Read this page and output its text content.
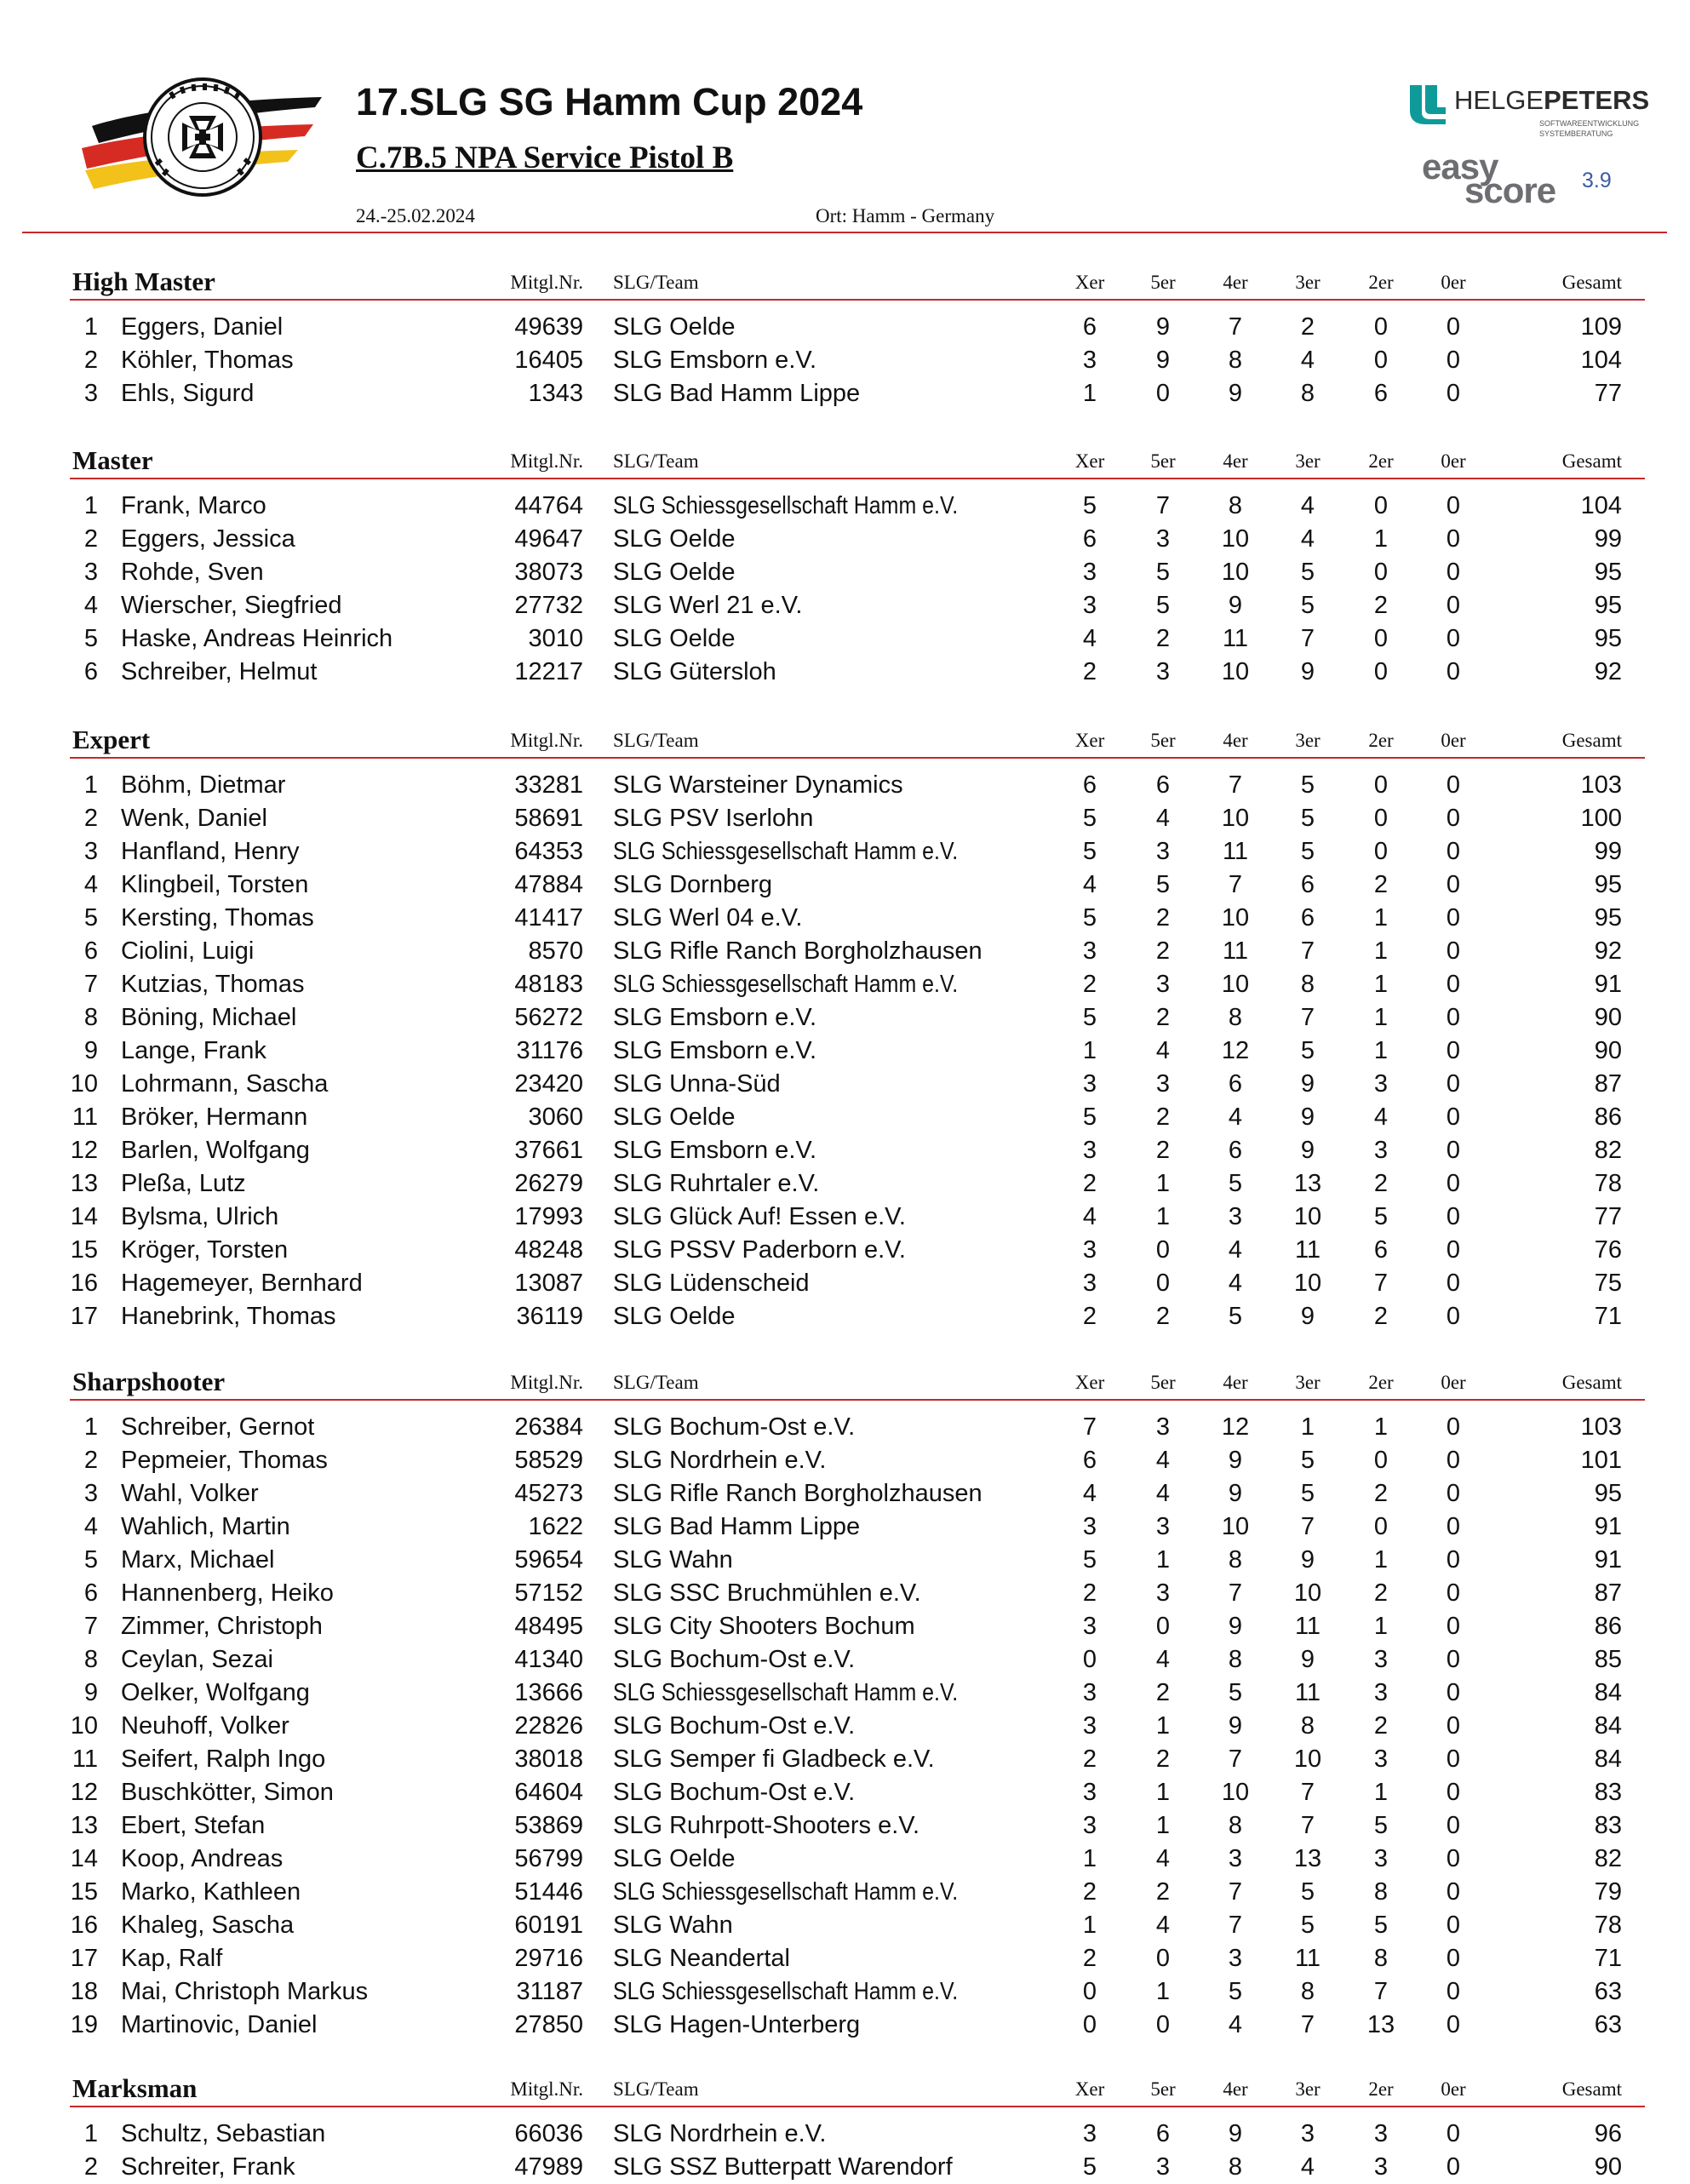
17.SLG SG Hamm Cup 2024
C.7B.5 NPA Service Pistol B
24.-25.02.2024	Ort: Hamm - Germany
HELGEPETERS
SOFTWAREENTWICKLUNG
SYSTEMBERATUNG
easy
score 3.9
High Master	Mitgl.Nr. SLG/Team	Xer	5er	4er	3er	2er	0er	Gesamt
1 Eggers, Daniel	49639 SLG Oelde	6	9	7	2	0	0	109
2 Köhler, Thomas	16405 SLG Emsborn e.V.	3	9	8	4	0	0	104
3 Ehls, Sigurd	1343 SLG Bad Hamm Lippe	1	0	9	8	6	0	77
Master	Mitgl.Nr. SLG/Team	Xer	5er	4er	3er	2er	0er	Gesamt
1 Frank, Marco	44764 SLG Schiessgesellschaft Hamm e.V.	5	7	8	4	0	0	104
2 Eggers, Jessica	49647 SLG Oelde	6	3	10	4	1	0	99
3 Rohde, Sven	38073 SLG Oelde	3	5	10	5	0	0	95
4 Wierscher, Siegfried	27732 SLG Werl 21 e.V.	3	5	9	5	2	0	95
5 Haske, Andreas Heinrich	3010 SLG Oelde	4	2	11	7	0	0	95
6 Schreiber, Helmut	12217 SLG Gütersloh	2	3	10	9	0	0	92
Expert	Mitgl.Nr. SLG/Team	Xer	5er	4er	3er	2er	0er	Gesamt
1 Böhm, Dietmar	33281 SLG Warsteiner Dynamics	6	6	7	5	0	0	103
2 Wenk, Daniel	58691 SLG PSV Iserlohn	5	4	10	5	0	0	100
3 Hanfland, Henry	64353 SLG Schiessgesellschaft Hamm e.V.	5	3	11	5	0	0	99
4 Klingbeil, Torsten	47884 SLG Dornberg	4	5	7	6	2	0	95
5 Kersting, Thomas	41417 SLG Werl 04 e.V.	5	2	10	6	1	0	95
6 Ciolini, Luigi	8570 SLG Rifle Ranch Borgholzhausen	3	2	11	7	1	0	92
7 Kutzias, Thomas	48183 SLG Schiessgesellschaft Hamm e.V.	2	3	10	8	1	0	91
8 Böning, Michael	56272 SLG Emsborn e.V.	5	2	8	7	1	0	90
9 Lange, Frank	31176 SLG Emsborn e.V.	1	4	12	5	1	0	90
10 Lohrmann, Sascha	23420 SLG Unna-Süd	3	3	6	9	3	0	87
11 Bröker, Hermann	3060 SLG Oelde	5	2	4	9	4	0	86
12 Barlen, Wolfgang	37661 SLG Emsborn e.V.	3	2	6	9	3	0	82
13 Pleßa, Lutz	26279 SLG Ruhrtaler e.V.	2	1	5	13	2	0	78
14 Bylsma, Ulrich	17993 SLG Glück Auf! Essen e.V.	4	1	3	10	5	0	77
15 Kröger, Torsten	48248 SLG PSSV Paderborn e.V.	3	0	4	11	6	0	76
16 Hagemeyer, Bernhard	13087 SLG Lüdenscheid	3	0	4	10	7	0	75
17 Hanebrink, Thomas	36119 SLG Oelde	2	2	5	9	2	0	71
Sharpshooter	Mitgl.Nr. SLG/Team	Xer	5er	4er	3er	2er	0er	Gesamt
1 Schreiber, Gernot	26384 SLG Bochum-Ost e.V.	7	3	12	1	1	0	103
2 Pepmeier, Thomas	58529 SLG Nordrhein e.V.	6	4	9	5	0	0	101
3 Wahl, Volker	45273 SLG Rifle Ranch Borgholzhausen	4	4	9	5	2	0	95
4 Wahlich, Martin	1622 SLG Bad Hamm Lippe	3	3	10	7	0	0	91
5 Marx, Michael	59654 SLG Wahn	5	1	8	9	1	0	91
6 Hannenberg, Heiko	57152 SLG SSC Bruchmühlen e.V.	2	3	7	10	2	0	87
7 Zimmer, Christoph	48495 SLG City Shooters Bochum	3	0	9	11	1	0	86
8 Ceylan, Sezai	41340 SLG Bochum-Ost e.V.	0	4	8	9	3	0	85
9 Oelker, Wolfgang	13666 SLG Schiessgesellschaft Hamm e.V.	3	2	5	11	3	0	84
10 Neuhoff, Volker	22826 SLG Bochum-Ost e.V.	3	1	9	8	2	0	84
11 Seifert, Ralph Ingo	38018 SLG Semper fi Gladbeck e.V.	2	2	7	10	3	0	84
12 Buschkötter, Simon	64604 SLG Bochum-Ost e.V.	3	1	10	7	1	0	83
13 Ebert, Stefan	53869 SLG Ruhrpott-Shooters e.V.	3	1	8	7	5	0	83
14 Koop, Andreas	56799 SLG Oelde	1	4	3	13	3	0	82
15 Marko, Kathleen	51446 SLG Schiessgesellschaft Hamm e.V.	2	2	7	5	8	0	79
16 Khaleg, Sascha	60191 SLG Wahn	1	4	7	5	5	0	78
17 Kap, Ralf	29716 SLG Neandertal	2	0	3	11	8	0	71
18 Mai, Christoph Markus	31187 SLG Schiessgesellschaft Hamm e.V.	0	1	5	8	7	0	63
19 Martinovic, Daniel	27850 SLG Hagen-Unterberg	0	0	4	7	13	0	63
Marksman	Mitgl.Nr. SLG/Team	Xer	5er	4er	3er	2er	0er	Gesamt
1 Schultz, Sebastian	66036 SLG Nordrhein e.V.	3	6	9	3	3	0	96
2 Schreiter, Frank	47989 SLG SSZ Butterpatt Warendorf	5	3	8	4	3	0	90
